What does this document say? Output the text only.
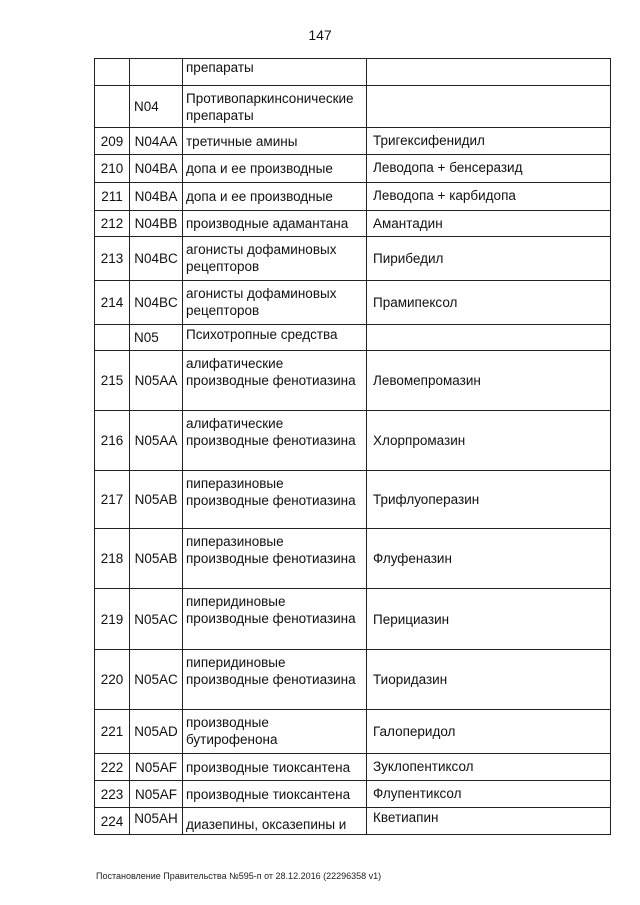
147
		препараты	
	N04	Противопаркинсонические препараты	
209	N04AA	третичные амины	Тригексифенидил
210	N04BA	допа и ее производные	Леводопа + бенсеразид
211	N04BA	допа и ее производные	Леводопа + карбидопа
212	N04BB	производные адамантана	Амантадин
213	N04BC	агонисты дофаминовых рецепторов	Пирибедил
214	N04BC	агонисты дофаминовых рецепторов	Прамипексол
	N05	Психотропные средства	
215	N05AA	алифатические производные фенотиазина	Левомепромазин
216	N05AA	алифатические производные фенотиазина	Хлорпромазин
217	N05AB	пиперазиновые производные фенотиазина	Трифлуоперазин
218	N05AB	пиперазиновые производные фенотиазина	Флуфеназин
219	N05AC	пиперидиновые производные фенотиазина	Перициазин
220	N05AC	пиперидиновые производные фенотиазина	Тиоридазин
221	N05AD	производные бутирофенона	Галоперидол
222	N05AF	производные тиоксантена	Зуклопентиксол
223	N05AF	производные тиоксантена	Флупентиксол
224	N05AH	диазепины, оксазепины и	Кветиапин
Постановление Правительства №595-п от 28.12.2016 (22296358 v1)
